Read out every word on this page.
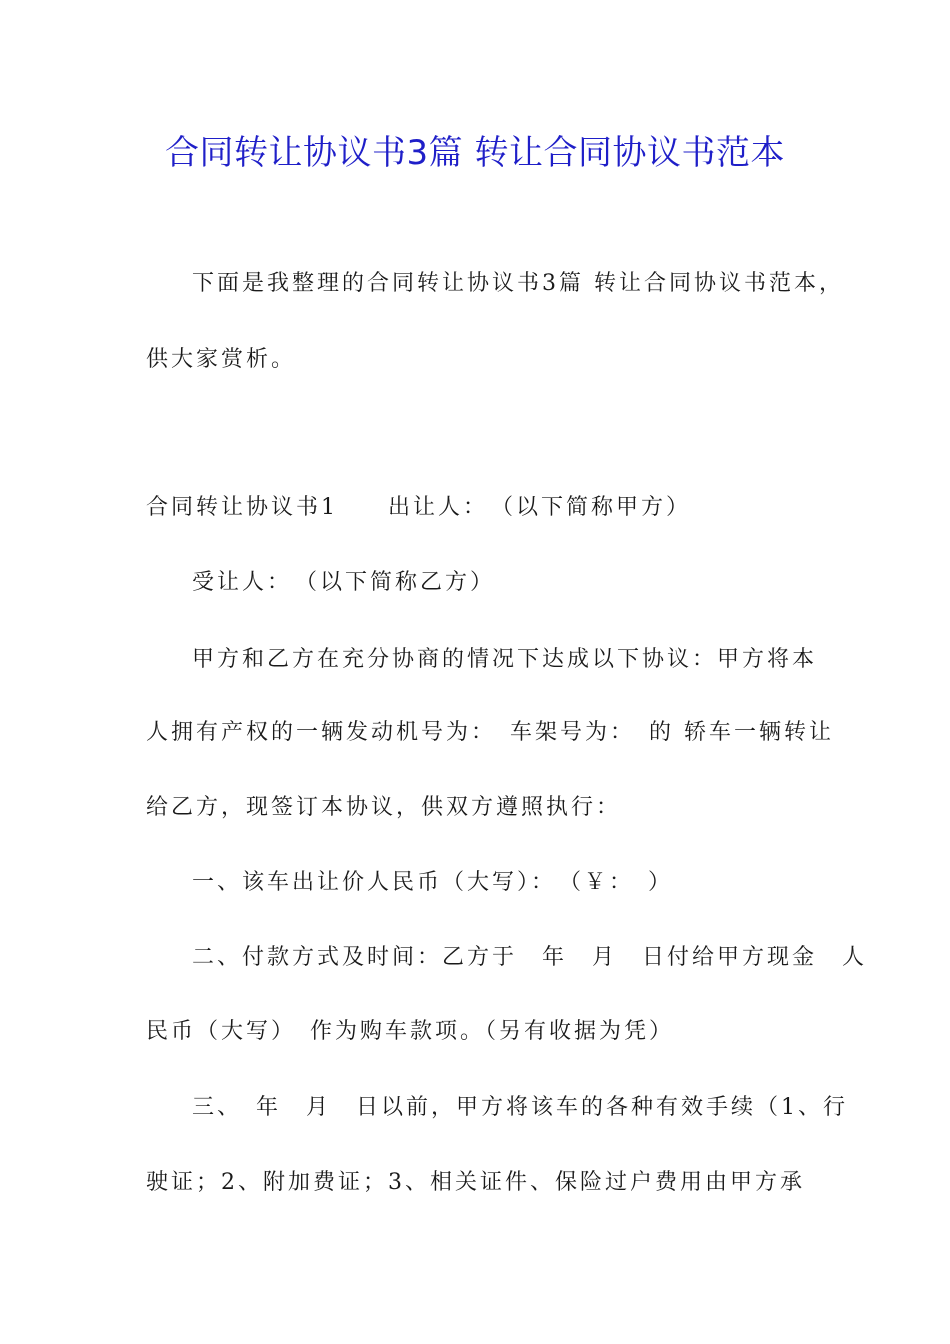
合同转让协议书3篇 转让合同协议书范本
下面是我整理的合同转让协议书3篇 转让合同协议书范本，
供大家赏析。
合同转让协议书1　　出让人：　（以下简称甲方）
受让人：　（以下简称乙方）
甲方和乙方在充分协商的情况下达成以下协议：甲方将本
人拥有产权的一辆发动机号为：　车架号为：　的 轿车一辆转让
给乙方，现签订本协议，供双方遵照执行：
一、该车出让价人民币（大写）：　（￥：　）
二、付款方式及时间：乙方于　年　月　日付给甲方现金　人
民币（大写）　作为购车款项。（另有收据为凭）
三、　年　月　日以前，甲方将该车的各种有效手续（1、行
驶证；2、附加费证；3、相关证件、保险过户费用由甲方承
